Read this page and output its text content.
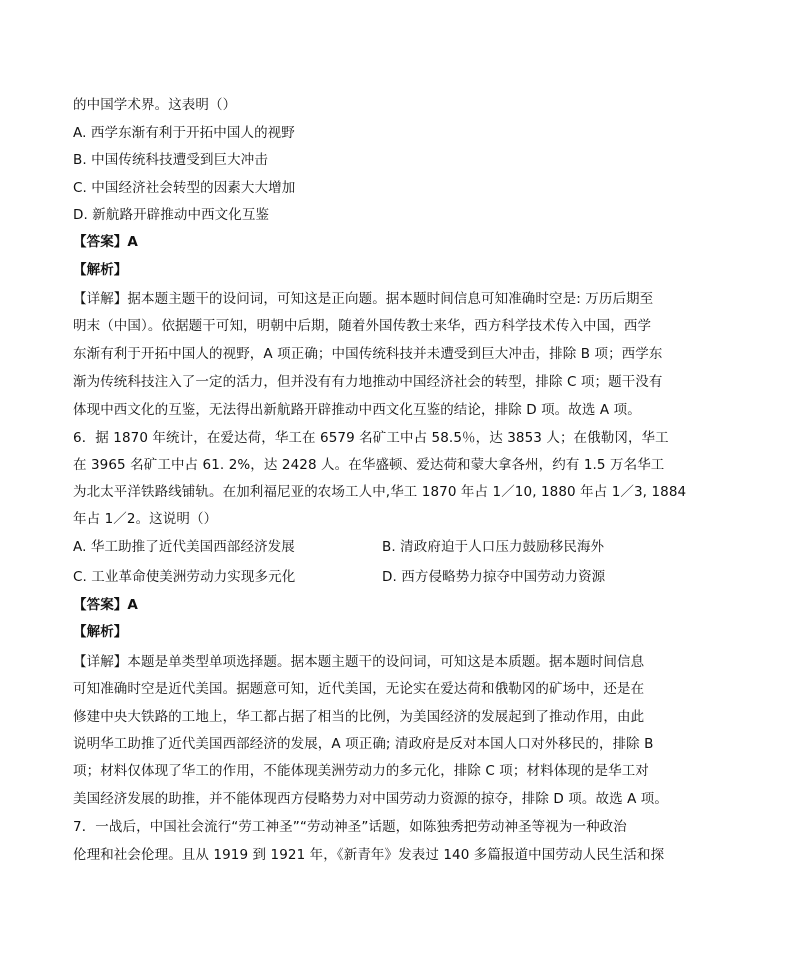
的中国学术界。这表明（）
A. 西学东渐有利于开拓中国人的视野
B. 中国传统科技遭受到巨大冲击
C. 中国经济社会转型的因素大大增加
D. 新航路开辟推动中西文化互鉴
【答案】A
【解析】
【详解】据本题主题干的设问词，可知这是正向题。据本题时间信息可知准确时空是: 万历后期至
明末（中国）。依据题干可知，明朝中后期，随着外国传教士来华，西方科学技术传入中国，西学
东渐有利于开拓中国人的视野，A 项正确；中国传统科技并未遭受到巨大冲击，排除 B 项；西学东
渐为传统科技注入了一定的活力，但并没有有力地推动中国经济社会的转型，排除 C 项；题干没有
体现中西文化的互鉴，无法得出新航路开辟推动中西文化互鉴的结论，排除 D 项。故选 A 项。
6．据 1870 年统计，在爱达荷，华工在 6579 名矿工中占 58.5％，达 3853 人；在俄勒冈，华工
在 3965 名矿工中占 61. 2%，达 2428 人。在华盛顿、爱达荷和蒙大拿各州，约有 1.5 万名华工
为北太平洋铁路线铺轨。在加利福尼亚的农场工人中,华工 1870 年占 1／10, 1880 年占 1／3, 1884
年占 1／2。这说明（）
A. 华工助推了近代美国西部经济发展	B. 清政府迫于人口压力鼓励移民海外
C. 工业革命使美洲劳动力实现多元化	D. 西方侵略势力掠夺中国劳动力资源
【答案】A
【解析】
【详解】本题是单类型单项选择题。据本题主题干的设问词，可知这是本质题。据本题时间信息
可知准确时空是近代美国。据题意可知，近代美国，无论实在爱达荷和俄勒冈的矿场中，还是在
修建中央大铁路的工地上，华工都占据了相当的比例，为美国经济的发展起到了推动作用，由此
说明华工助推了近代美国西部经济的发展，A 项正确; 清政府是反对本国人口对外移民的，排除 B
项；材料仅体现了华工的作用，不能体现美洲劳动力的多元化，排除 C 项；材料体现的是华工对
美国经济发展的助推，并不能体现西方侵略势力对中国劳动力资源的掠夺，排除 D 项。故选 A 项。
7．一战后，中国社会流行“劳工神圣”“劳动神圣”话题，如陈独秀把劳动神圣等视为一种政治
伦理和社会伦理。且从 1919 到 1921 年，《新青年》发表过 140 多篇报道中国劳动人民生活和探
